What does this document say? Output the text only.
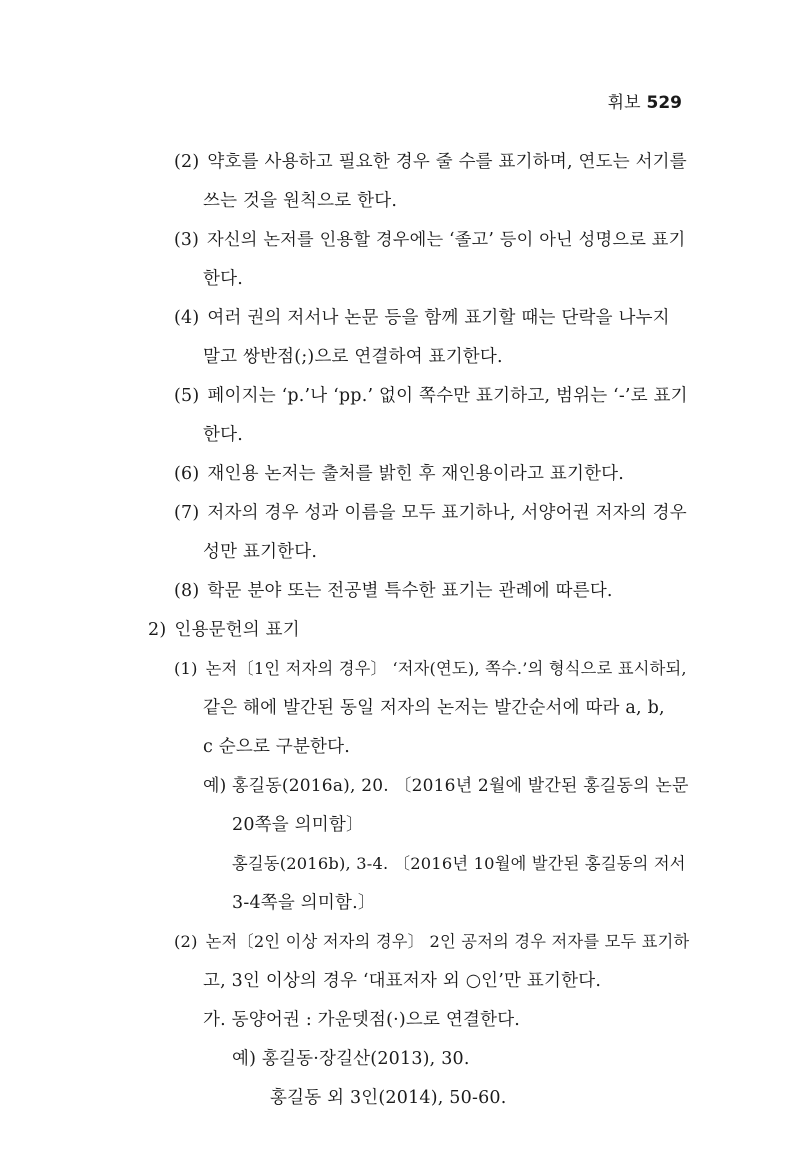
휘보 529
(2) 약호를 사용하고 필요한 경우 줄 수를 표기하며, 연도는 서기를
쓰는 것을 원칙으로 한다.
(3) 자신의 논저를 인용할 경우에는 ‘졸고’ 등이 아닌 성명으로 표기
한다.
(4) 여러 권의 저서나 논문 등을 함께 표기할 때는 단락을 나누지
말고 쌍반점(;)으로 연결하여 표기한다.
(5) 페이지는 ‘p.’나 ‘pp.’ 없이 쪽수만 표기하고, 범위는 ‘-’로 표기
한다.
(6) 재인용 논저는 출처를 밝힌 후 재인용이라고 표기한다.
(7) 저자의 경우 성과 이름을 모두 표기하나, 서양어권 저자의 경우
성만 표기한다.
(8) 학문 분야 또는 전공별 특수한 표기는 관례에 따른다.
2) 인용문헌의 표기
(1) 논저〔1인 저자의 경우〕 ‘저자(연도), 쪽수.’의 형식으로 표시하되,
같은 해에 발간된 동일 저자의 논저는 발간순서에 따라 a, b,
c 순으로 구분한다.
예) 홍길동(2016a), 20. 〔2016년 2월에 발간된 홍길동의 논문
20쪽을 의미함〕
홍길동(2016b), 3-4. 〔2016년 10월에 발간된 홍길동의 저서
3-4쪽을 의미함.〕
(2) 논저〔2인 이상 저자의 경우〕 2인 공저의 경우 저자를 모두 표기하
고, 3인 이상의 경우 ‘대표저자 외 ○인’만 표기한다.
가. 동양어권 : 가운뎃점(·)으로 연결한다.
예) 홍길동·장길산(2013), 30.
홍길동 외 3인(2014), 50-60.
